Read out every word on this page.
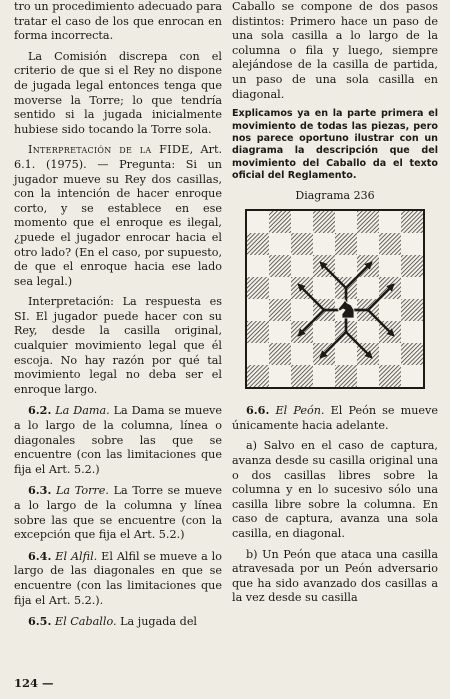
tro un procedimiento adecuado para tratar el caso de los que enrocan en forma incorrecta.

La Comisión discrepa con el criterio de que si el Rey no dispone de jugada legal entonces tenga que moverse la Torre; lo que tendría sentido si la jugada inicialmente hubiese sido tocando la Torre sola.

Interpretación de la FIDE, Art. 6.1. (1975). — Pregunta: Si un jugador mueve su Rey dos casillas, con la intención de hacer enroque corto, y se establece en ese momento que el enroque es ilegal, ¿puede el jugador enrocar hacia el otro lado? (En el caso, por supuesto, de que el enroque hacia ese lado sea legal.)

Interpretación: La respuesta es SI. El jugador puede hacer con su Rey, desde la casilla original, cualquier movimiento legal que él escoja. No hay razón por qué tal movimiento legal no deba ser el enroque largo.

6.2. La Dama. La Dama se mueve a lo largo de la columna, línea o diagonales sobre las que se encuentre (con las limitaciones que fija el Art. 5.2.)

6.3. La Torre. La Torre se mueve a lo largo de la columna y línea sobre las que se encuentre (con la excepción que fija el Art. 5.2.)

6.4. El Alfil. El Alfil se mueve a lo largo de las diagonales en que se encuentre (con las limitaciones que fija el Art. 5.2.).

6.5. El Caballo. La jugada del

Caballo se compone de dos pasos distintos: Primero hace un paso de una sola casilla a lo largo de la columna o fila y luego, siempre alejándose de la casilla de partida, un paso de una sola casilla en diagonal.

Explicamos ya en la parte primera el movimiento de todas las piezas, pero nos parece oportuno ilustrar con un diagrama la descripción que del movimiento del Caballo da el texto oficial del Reglamento.

Diagrama 236

6.6. El Peón. El Peón se mueve únicamente hacia adelante.

a) Salvo en el caso de captura, avanza desde su casilla original una o dos casillas libres sobre la columna y en lo sucesivo sólo una casilla libre sobre la columna. En caso de captura, avanza una sola casilla, en diagonal.

b) Un Peón que ataca una casilla atravesada por un Peón adversario que ha sido avanzado dos casillas a la vez desde su casilla

124 —
